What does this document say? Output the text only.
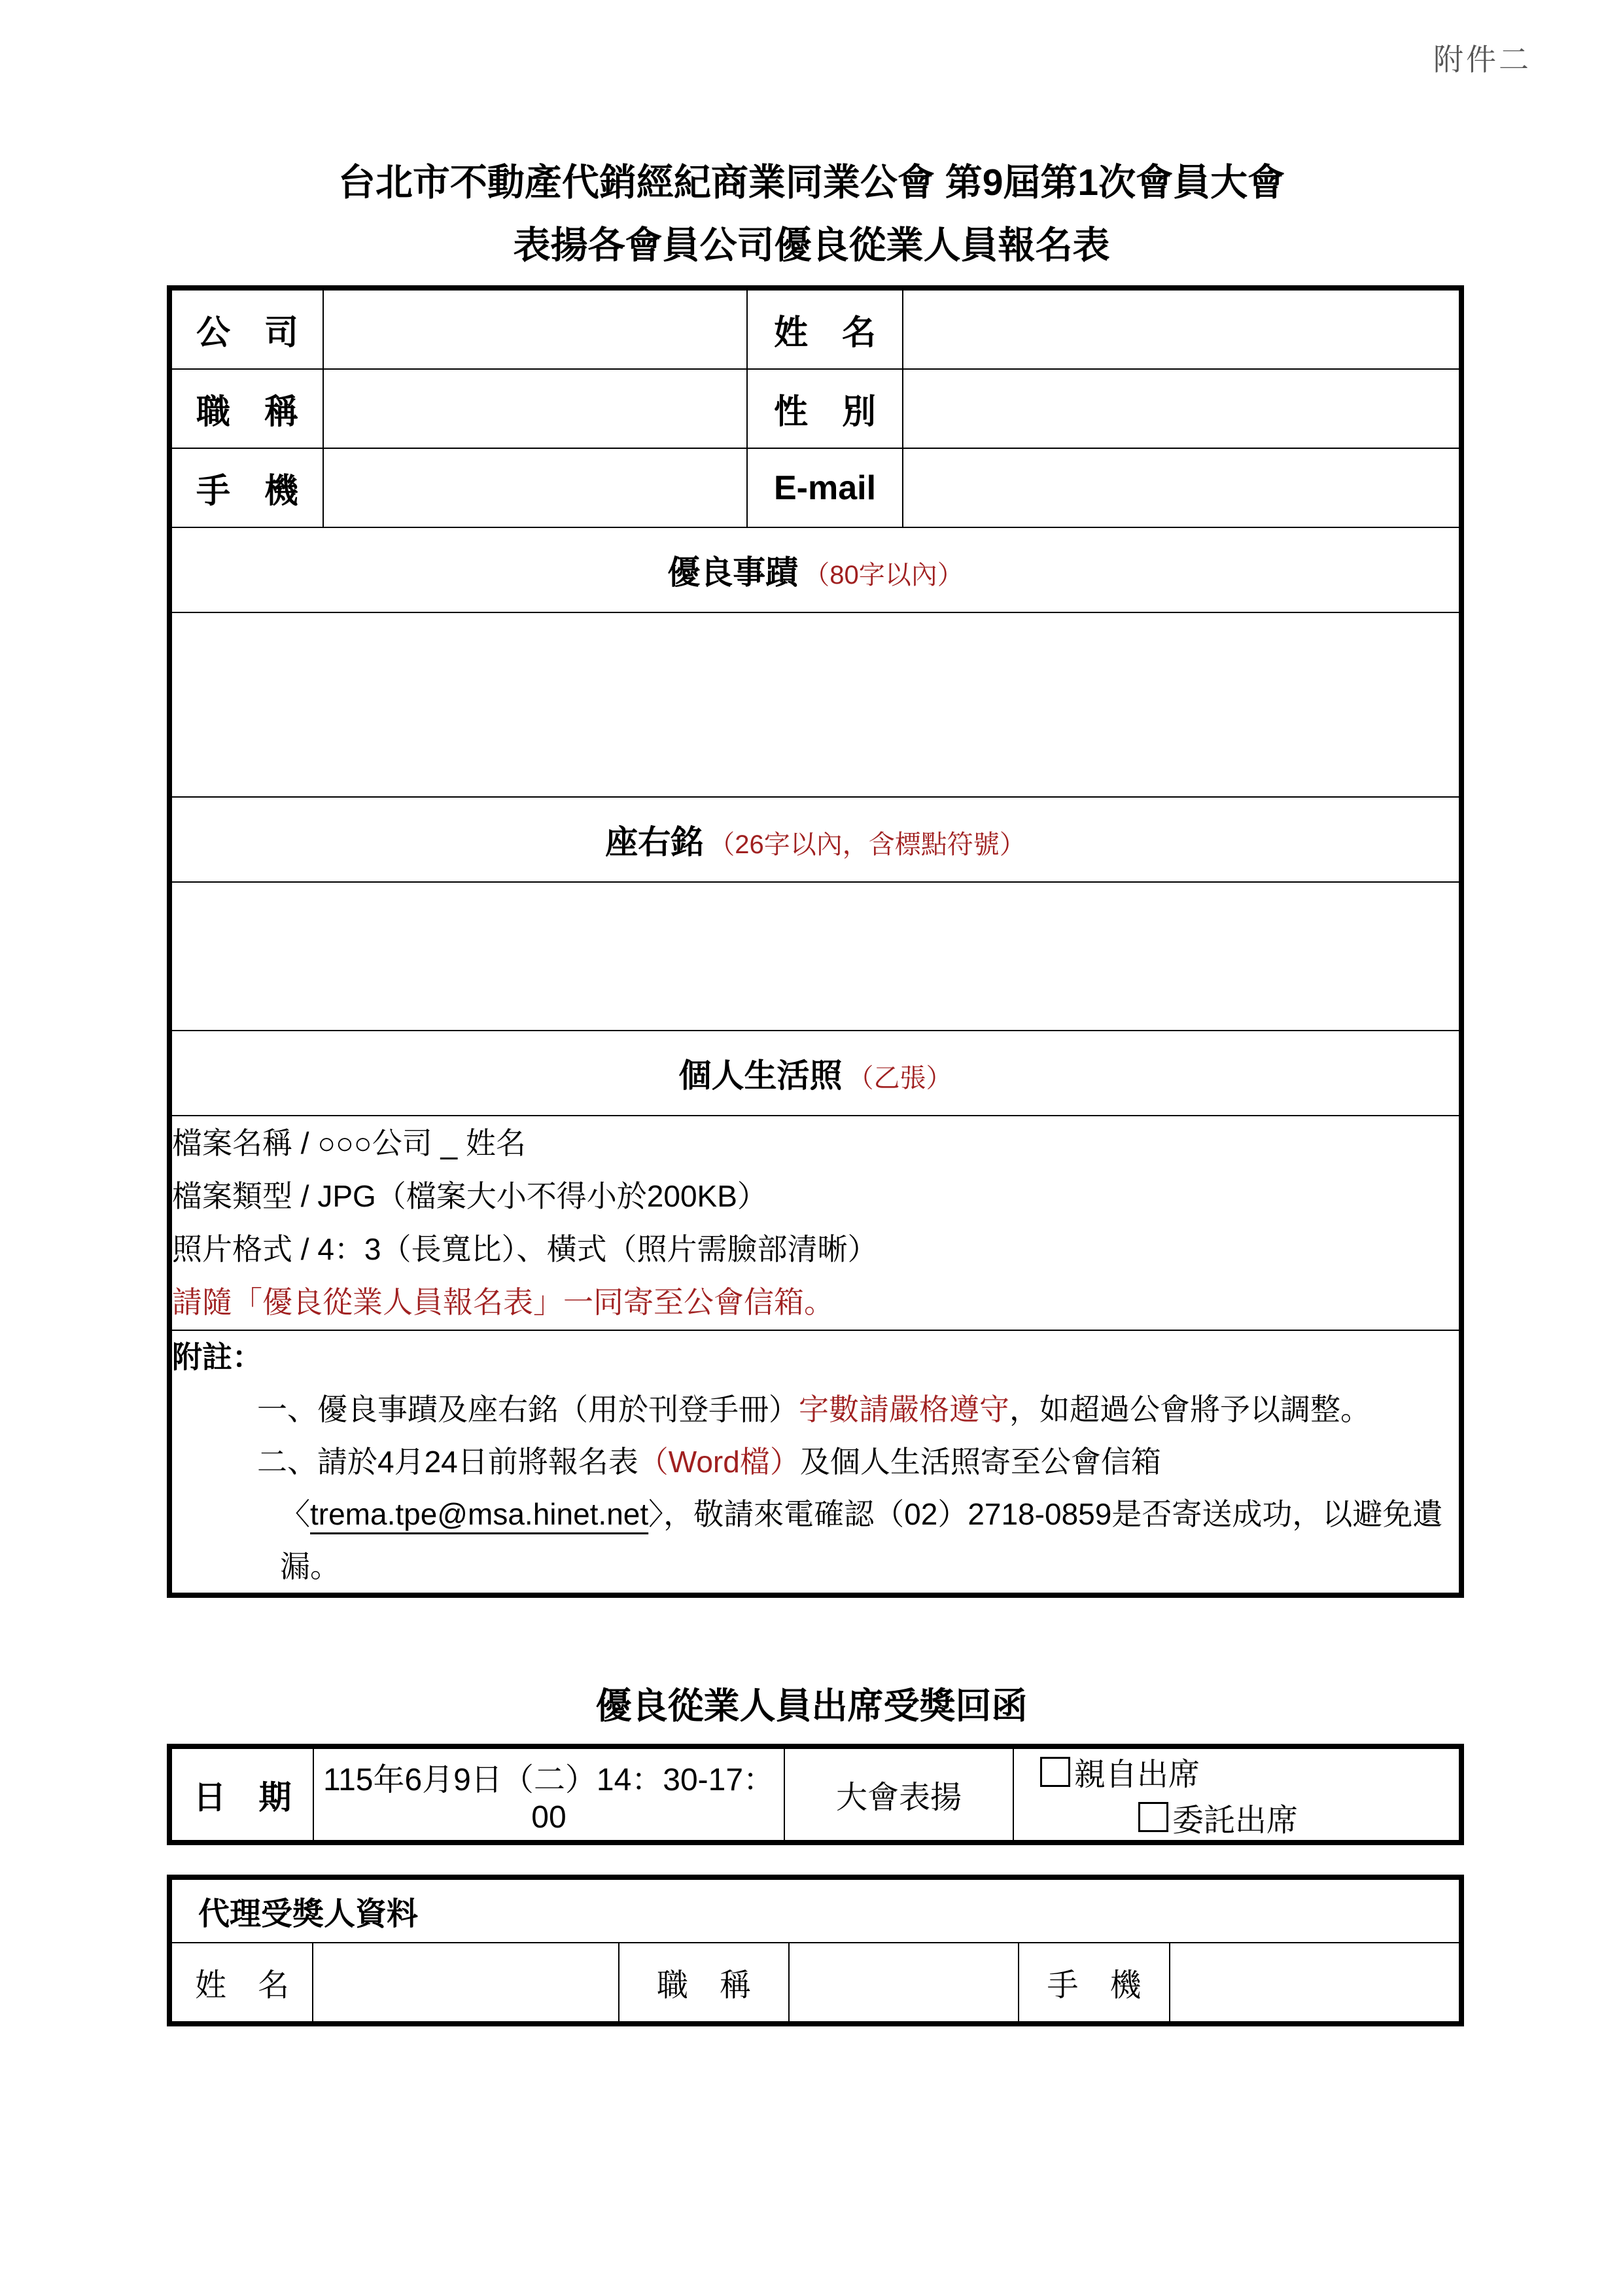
附件二
台北市不動產代銷經紀商業同業公會 第9屆第1次會員大會
表揚各會員公司優良從業人員報名表
公　司		姓　名	
職　稱		性　別	
手　機		E-mail	
優良事蹟 （80字以內）			

座右銘 （26字以內，含標點符號）			

個人生活照 （乙張）			

檔案名稱 / ○○○公司 _ 姓名
檔案類型 / JPG（檔案大小不得小於200KB）
照片格式 / 4：3（長寬比）、橫式（照片需臉部清晰）
請隨「優良從業人員報名表」一同寄至公會信箱。			

附註：
一、優良事蹟及座右銘（用於刊登手冊）字數請嚴格遵守，如超過公會將予以調整。
二、請於4月24日前將報名表（Word檔）及個人生活照寄至公會信箱
〈trema.tpe@msa.hinet.net〉，敬請來電確認（02）2718-0859是否寄送成功，以避免遺漏。			
優良從業人員出席受獎回函
日　期	115年6月9日（二）14：30-17：00	大會表揚	
親自出席

委託出席
代理受獎人資料
姓　名		職　稱		手　機	
